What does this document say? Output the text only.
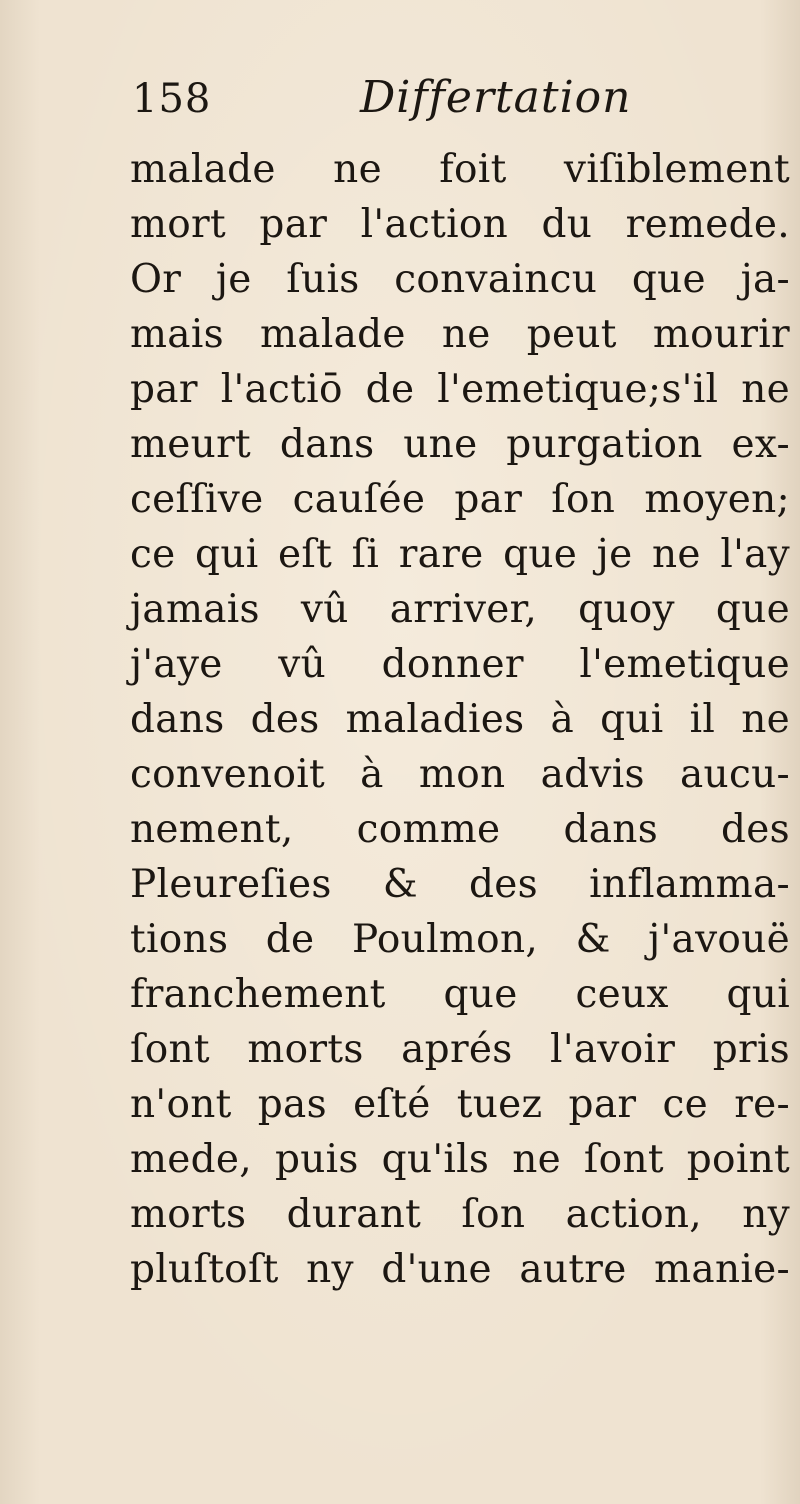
158	Differtation
malade ne foit viſiblement
mort par l'action du remede.
Or je ſuis convaincu que ja-
mais malade ne peut mourir
par l'actiō de l'emetique;s'il ne
meurt dans une purgation ex-
ceſſive cauſée par ſon moyen;
ce qui eſt ſi rare que je ne l'ay
jamais vû arriver, quoy que
j'aye vû donner l'emetique
dans des maladies à qui il ne
convenoit à mon advis aucu-
nement, comme dans des
Pleureſies & des inflamma-
tions de Poulmon, & j'avouë
franchement que ceux qui
ſont morts aprés l'avoir pris
n'ont pas eſté tuez par ce re-
mede, puis qu'ils ne ſont point
morts durant ſon action, ny
pluſtoſt ny d'une autre manie-
